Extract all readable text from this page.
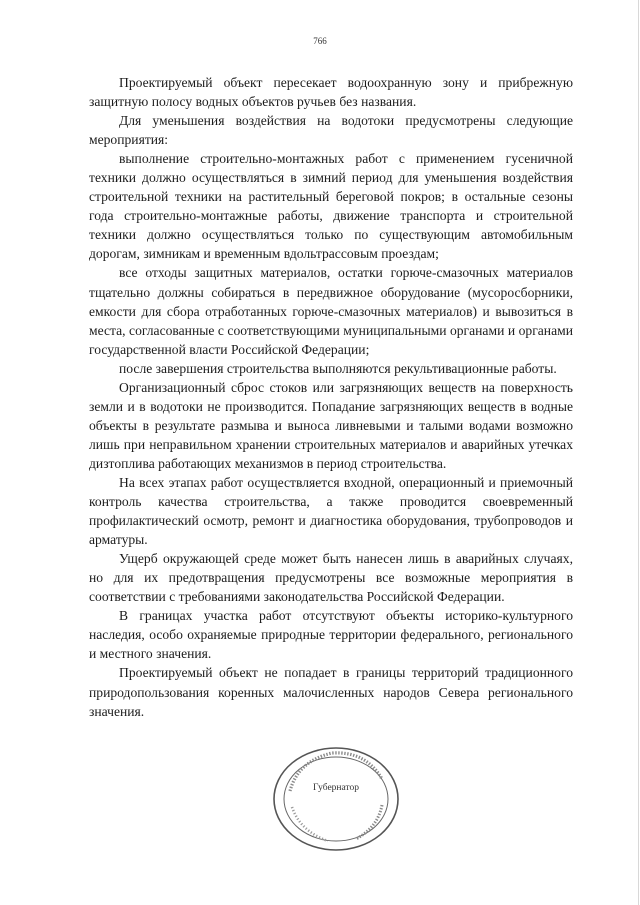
766

Проектируемый объект пересекает водоохранную зону и прибрежную защитную полосу водных объектов ручьев без названия.

Для уменьшения воздействия на водотоки предусмотрены следующие мероприятия:

выполнение строительно-монтажных работ с применением гусеничной техники должно осуществляться в зимний период для уменьшения воздействия строительной техники на растительный береговой покров; в остальные сезоны года строительно-монтажные работы, движение транспорта и строительной техники должно осуществляться только по существующим автомобильным дорогам, зимникам и временным вдольтрассовым проездам;

все отходы защитных материалов, остатки горюче-смазочных материалов тщательно должны собираться в передвижное оборудование (мусоросборники, емкости для сбора отработанных горюче-смазочных материалов) и вывозиться в места, согласованные с соответствующими муниципальными органами и органами государственной власти Российской Федерации;

после завершения строительства выполняются рекультивационные работы.

Организационный сброс стоков или загрязняющих веществ на поверхность земли и в водотоки не производится. Попадание загрязняющих веществ в водные объекты в результате размыва и выноса ливневыми и талыми водами возможно лишь при неправильном хранении строительных материалов и аварийных утечках дизтоплива работающих механизмов в период строительства.

На всех этапах работ осуществляется входной, операционный и приемочный контроль качества строительства, а также проводится своевременный профилактический осмотр, ремонт и диагностика оборудования, трубопроводов и арматуры.

Ущерб окружающей среде может быть нанесен лишь в аварийных случаях, но для их предотвращения предусмотрены все возможные мероприятия в соответствии с требованиями законодательства Российской Федерации.

В границах участка работ отсутствуют объекты историко-культурного наследия, особо охраняемые природные территории федерального, регионального и местного значения.

Проектируемый объект не попадает в границы территорий традиционного природопользования коренных малочисленных народов Севера регионального значения.

Губернатор
